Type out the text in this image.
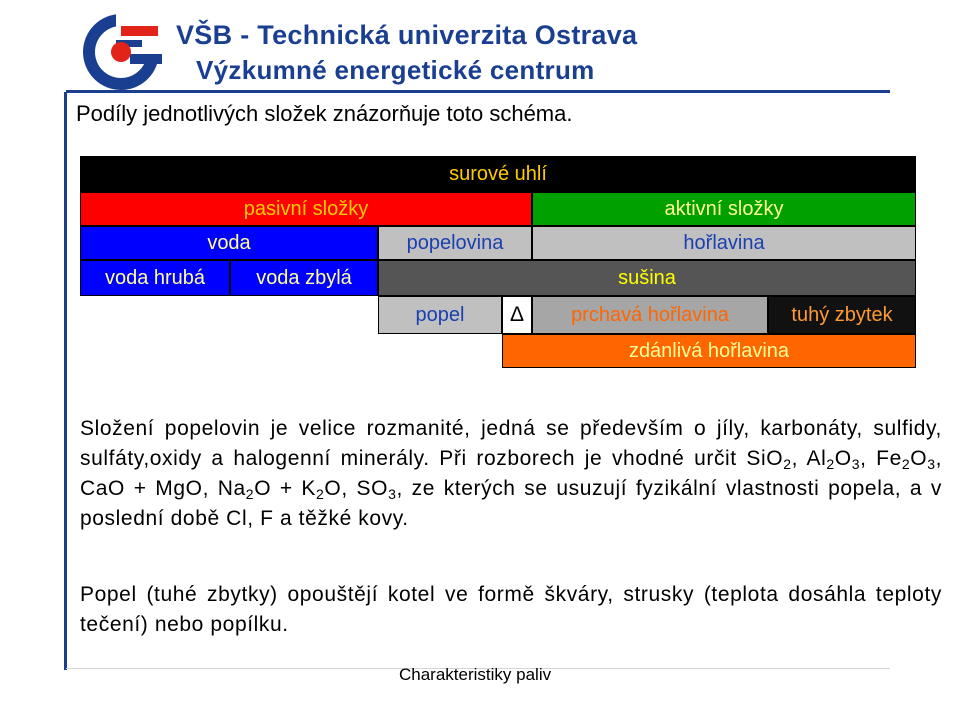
VŠB - Technická univerzita Ostrava
Výzkumné energetické centrum
Podíly jednotlivých složek znázorňuje toto schéma.
surové uhlí
pasivní složky	aktivní složky
voda	popelovina	hořlavina
voda hrubá	voda zbylá	sušina
popel	Δ	prchavá hořlavina	tuhý zbytek
zdánlivá hořlavina
Složení popelovin je velice rozmanité, jedná se především o jíly, karbonáty, sulfidy, sulfáty,oxidy a halogenní minerály. Při rozborech je vhodné určit SiO$_2$, $Al_2O_3$, $Fe_2O_3$, CaO + MgO, $Na_2O + K_2O$, $SO_3$, ze kterých se usuzují fyzikální vlastnosti popela, a v poslední době Cl, F a těžké kovy.
Popel (tuhé zbytky) opouštějí kotel ve formě škváry, strusky (teplota dosáhla teploty tečení) nebo popílku.
Charakteristiky paliv
